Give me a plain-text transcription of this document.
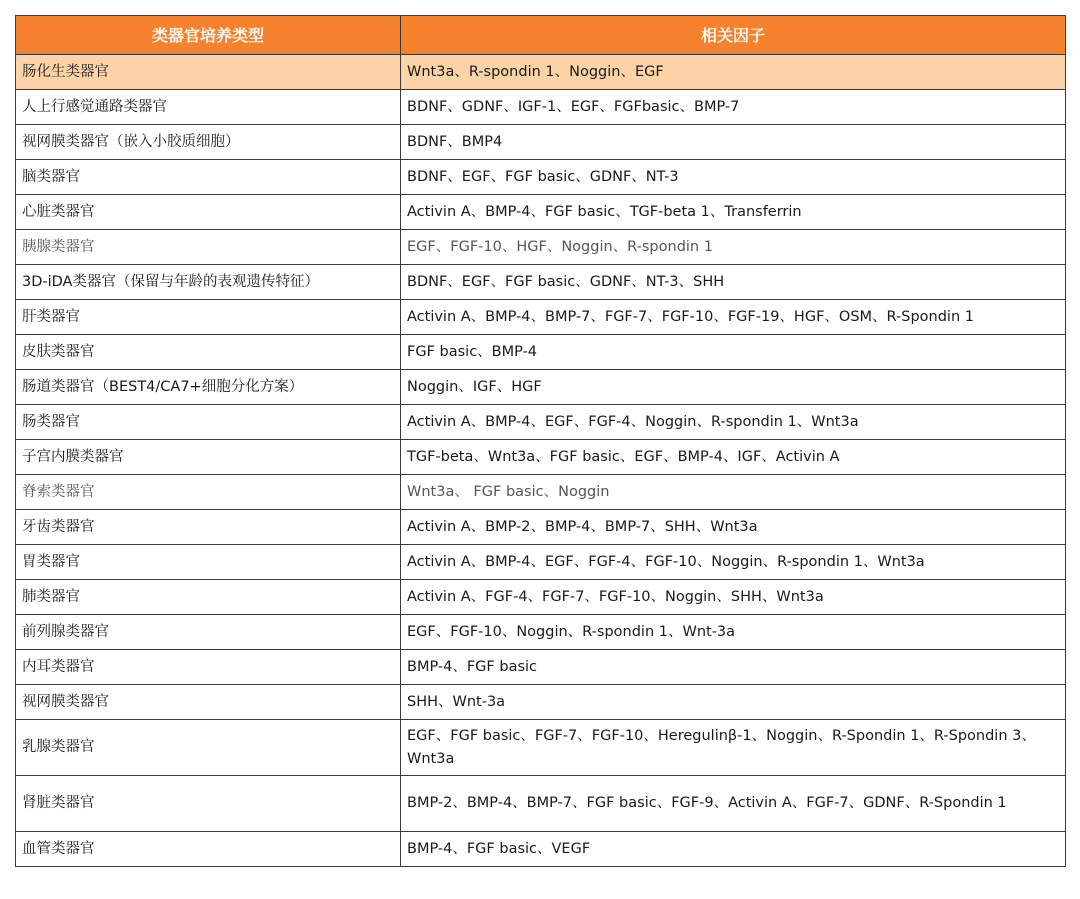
类器官培养类型	相关因子
肠化生类器官	Wnt3a、R-spondin 1、Noggin、EGF
人上行感觉通路类器官	BDNF、GDNF、IGF-1、EGF、FGFbasic、BMP-7
视网膜类器官（嵌入小胶质细胞）	BDNF、BMP4
脑类器官	BDNF、EGF、FGF basic、GDNF、NT-3
心脏类器官	Activin A、BMP-4、FGF basic、TGF-beta 1、Transferrin
胰腺类器官	EGF、FGF-10、HGF、Noggin、R-spondin 1
3D-iDA类器官（保留与年龄的表观遗传特征）	BDNF、EGF、FGF basic、GDNF、NT-3、SHH
肝类器官	Activin A、BMP-4、BMP-7、FGF-7、FGF-10、FGF-19、HGF、OSM、R-Spondin 1
皮肤类器官	FGF basic、BMP-4
肠道类器官（BEST4/CA7+细胞分化方案）	Noggin、IGF、HGF
肠类器官	Activin A、BMP-4、EGF、FGF-4、Noggin、R-spondin 1、Wnt3a
子宫内膜类器官	TGF-beta、Wnt3a、FGF basic、EGF、BMP-4、IGF、Activin A
脊索类器官	Wnt3a、 FGF basic、Noggin
牙齿类器官	Activin A、BMP-2、BMP-4、BMP-7、SHH、Wnt3a
胃类器官	Activin A、BMP-4、EGF、FGF-4、FGF-10、Noggin、R-spondin 1、Wnt3a
肺类器官	Activin A、FGF-4、FGF-7、FGF-10、Noggin、SHH、Wnt3a
前列腺类器官	EGF、FGF-10、Noggin、R-spondin 1、Wnt-3a
内耳类器官	BMP-4、FGF basic
视网膜类器官	SHH、Wnt-3a
乳腺类器官	EGF、FGF basic、FGF-7、FGF-10、Heregulinβ-1、Noggin、R-Spondin 1、R-Spondin 3、Wnt3a
肾脏类器官	BMP-2、BMP-4、BMP-7、FGF basic、FGF-9、Activin A、FGF-7、GDNF、R-Spondin 1
血管类器官	BMP-4、FGF basic、VEGF
